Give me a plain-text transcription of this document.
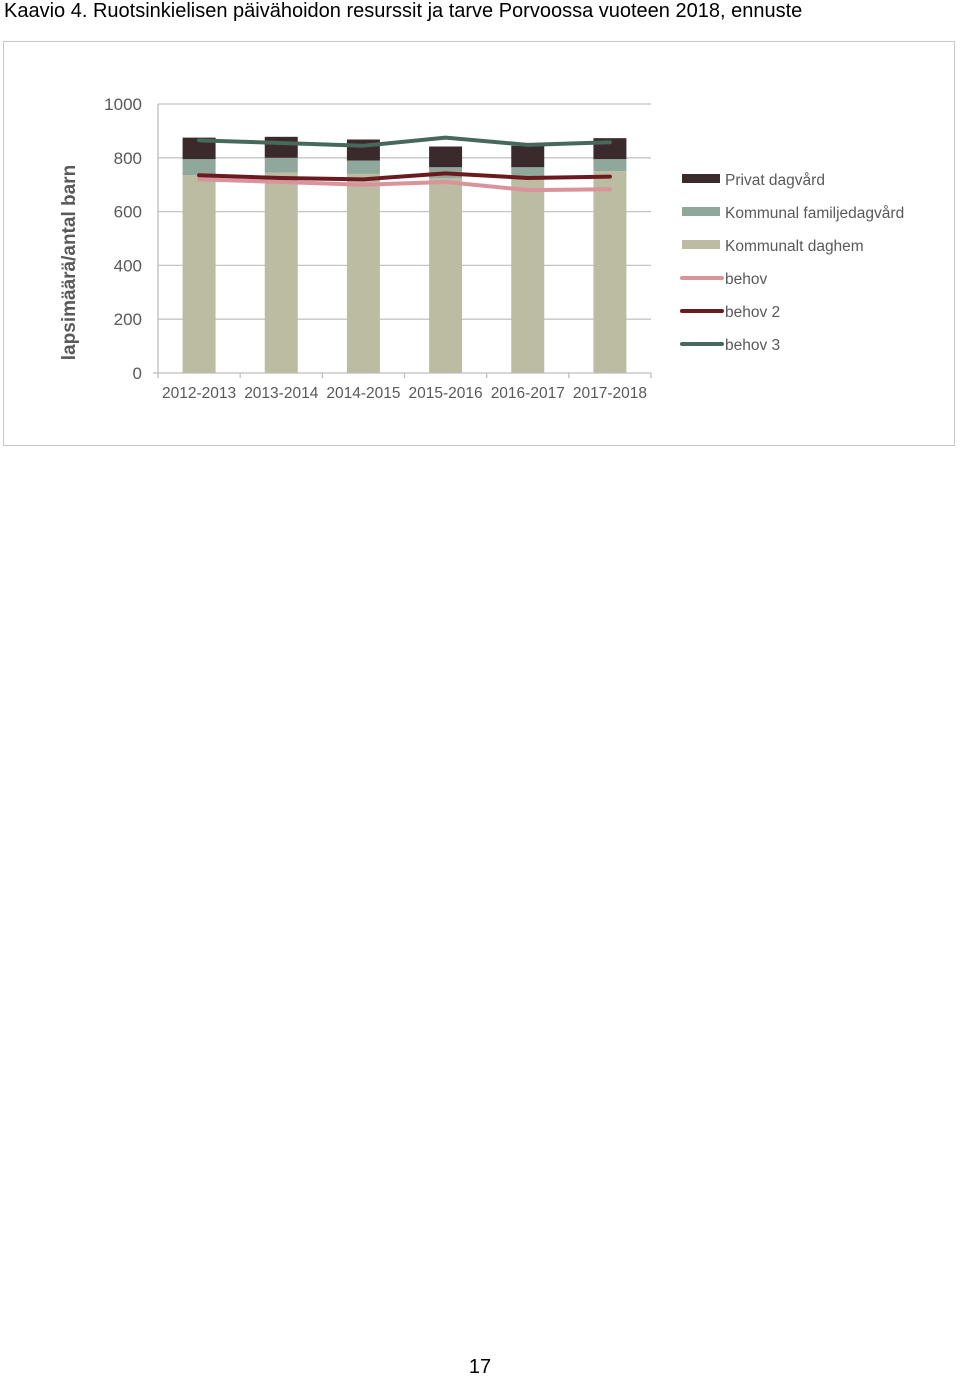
Kaavio 4. Ruotsinkielisen päivähoidon resurssit ja tarve Porvoossa vuoteen 2018, ennuste
0
200
400
600
800
1000
2012-2013 2013-2014 2014-2015 2015-2016 2016-2017 2017-2018
lapsimäärä/antal barn	Privat dagvård
Kommunal familjedagvård
Kommunalt daghem
behov
behov 2
behov 3
17
